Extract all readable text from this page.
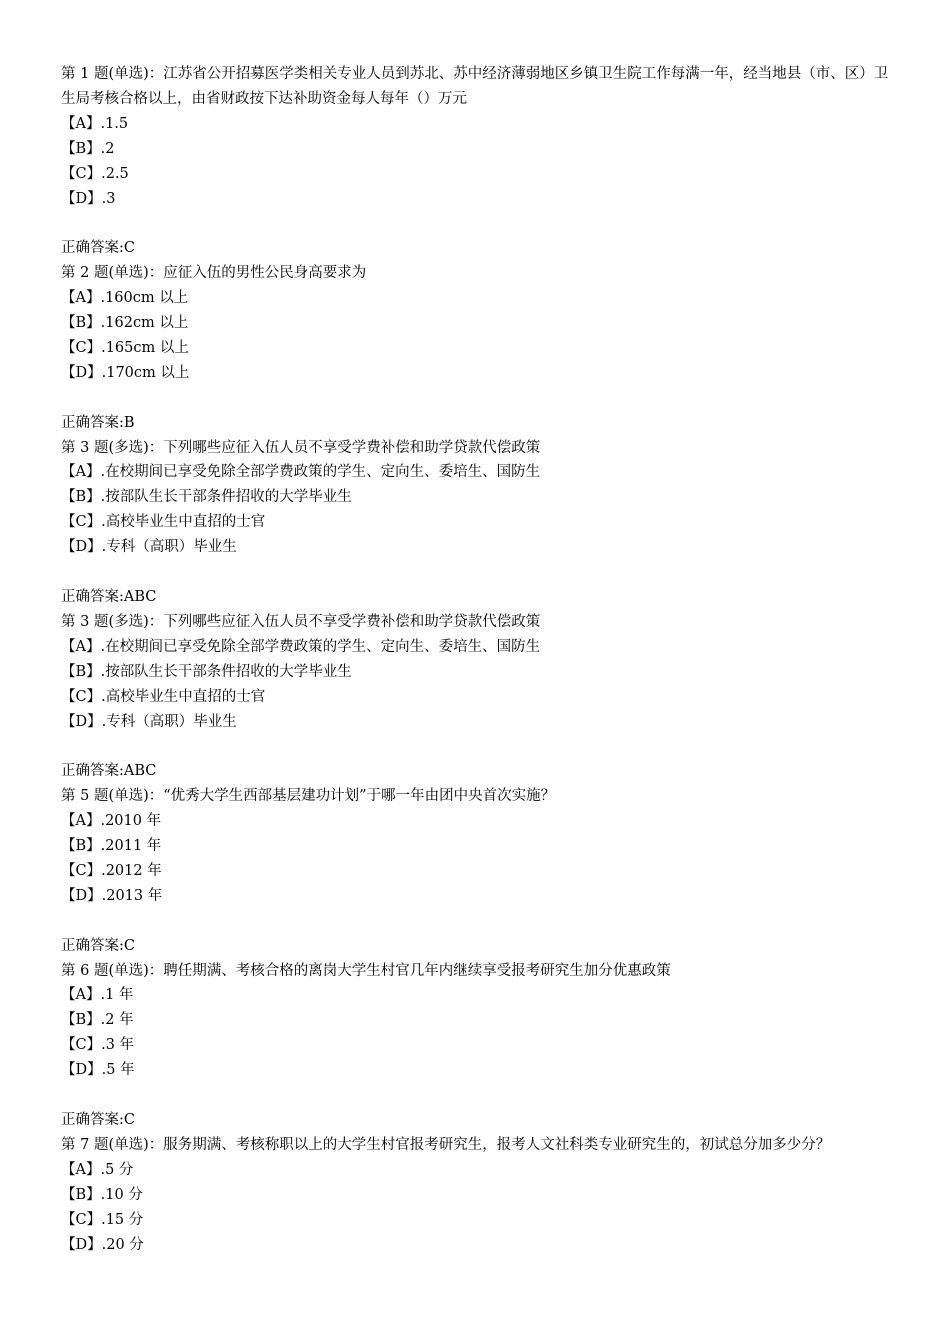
第 1 题(单选)：江苏省公开招募医学类相关专业人员到苏北、苏中经济薄弱地区乡镇卫生院工作每满一年，经当地县（市、区）卫生局考核合格以上，由省财政按下达补助资金每人每年（）万元

【A】.1.5

【B】.2

【C】.2.5

【D】.3

正确答案:C

第 2 题(单选)：应征入伍的男性公民身高要求为

【A】.160cm 以上

【B】.162cm 以上

【C】.165cm 以上

【D】.170cm 以上

正确答案:B

第 3 题(多选)：下列哪些应征入伍人员不享受学费补偿和助学贷款代偿政策

【A】.在校期间已享受免除全部学费政策的学生、定向生、委培生、国防生

【B】.按部队生长干部条件招收的大学毕业生

【C】.高校毕业生中直招的士官

【D】.专科（高职）毕业生

正确答案:ABC

第 3 题(多选)：下列哪些应征入伍人员不享受学费补偿和助学贷款代偿政策

【A】.在校期间已享受免除全部学费政策的学生、定向生、委培生、国防生

【B】.按部队生长干部条件招收的大学毕业生

【C】.高校毕业生中直招的士官

【D】.专科（高职）毕业生

正确答案:ABC

第 5 题(单选)：“优秀大学生西部基层建功计划”于哪一年由团中央首次实施？

【A】.2010 年

【B】.2011 年

【C】.2012 年

【D】.2013 年

正确答案:C

第 6 题(单选)：聘任期满、考核合格的离岗大学生村官几年内继续享受报考研究生加分优惠政策

【A】.1 年

【B】.2 年

【C】.3 年

【D】.5 年

正确答案:C

第 7 题(单选)：服务期满、考核称职以上的大学生村官报考研究生，报考人文社科类专业研究生的，初试总分加多少分？

【A】.5 分

【B】.10 分

【C】.15 分

【D】.20 分
